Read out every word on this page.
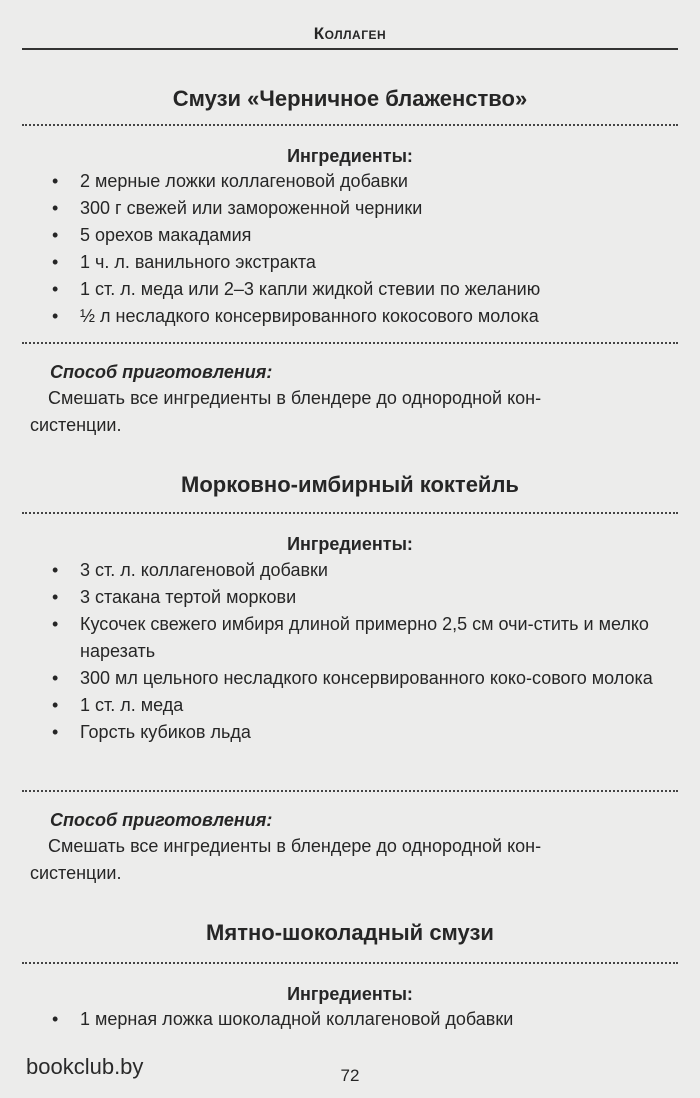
Коллаген
Смузи «Черничное блаженство»
Ингредиенты:
• 2 мерные ложки коллагеновой добавки
• 300 г свежей или замороженной черники
• 5 орехов макадамия
• 1 ч. л. ванильного экстракта
• 1 ст. л. меда или 2–3 капли жидкой стевии по желанию
• ½ л несладкого консервированного кокосового молока
Способ приготовления:
Смешать все ингредиенты в блендере до однородной кон-
систенции.
Морковно-имбирный коктейль
Ингредиенты:
• 3 ст. л. коллагеновой добавки
• 3 стакана тертой моркови
• Кусочек свежего имбиря длиной примерно 2,5 см очи-стить и мелко нарезать
• 300 мл цельного несладкого консервированного коко-сового молока
• 1 ст. л. меда
• Горсть кубиков льда
Способ приготовления:
Смешать все ингредиенты в блендере до однородной кон-
систенции.
Мятно-шоколадный смузи
Ингредиенты:
• 1 мерная ложка шоколадной коллагеновой добавки
bookclub.by	72
